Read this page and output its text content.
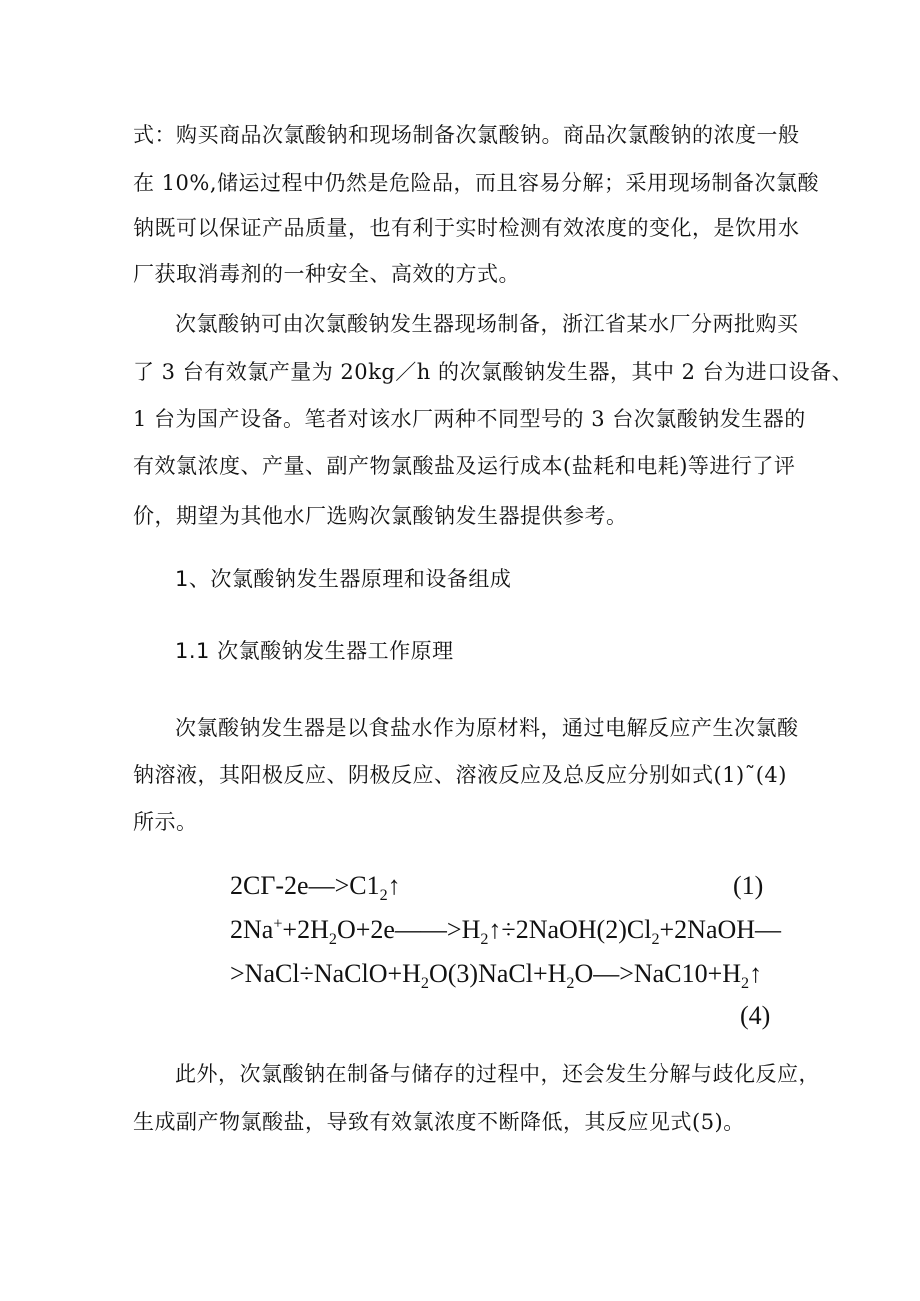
式：购买商品次氯酸钠和现场制备次氯酸钠。商品次氯酸钠的浓度一般
在 10%,储运过程中仍然是危险品，而且容易分解；采用现场制备次氯酸
钠既可以保证产品质量，也有利于实时检测有效浓度的变化，是饮用水
厂获取消毒剂的一种安全、高效的方式。
次氯酸钠可由次氯酸钠发生器现场制备，浙江省某水厂分两批购买
了 3 台有效氯产量为 20kg／h 的次氯酸钠发生器，其中 2 台为进口设备、
1 台为国产设备。笔者对该水厂两种不同型号的 3 台次氯酸钠发生器的
有效氯浓度、产量、副产物氯酸盐及运行成本(盐耗和电耗)等进行了评
价，期望为其他水厂选购次氯酸钠发生器提供参考。
1、次氯酸钠发生器原理和设备组成
1.1 次氯酸钠发生器工作原理
次氯酸钠发生器是以食盐水作为原材料，通过电解反应产生次氯酸
钠溶液，其阳极反应、阴极反应、溶液反应及总反应分别如式(1)˜(4)
所示。
$2CГ-2e—>C1_2↑$	(1)
$2Na^++2H_2O+2e——>H_2↑\div 2NaOH(2)Cl_2+2NaOH—$
$>NaCl\div NaClO+H_2O(3)NaCl+H_2O—>NaC10+H_2↑$
(4)
此外，次氯酸钠在制备与储存的过程中，还会发生分解与歧化反应，
生成副产物氯酸盐，导致有效氯浓度不断降低，其反应见式(5)。
